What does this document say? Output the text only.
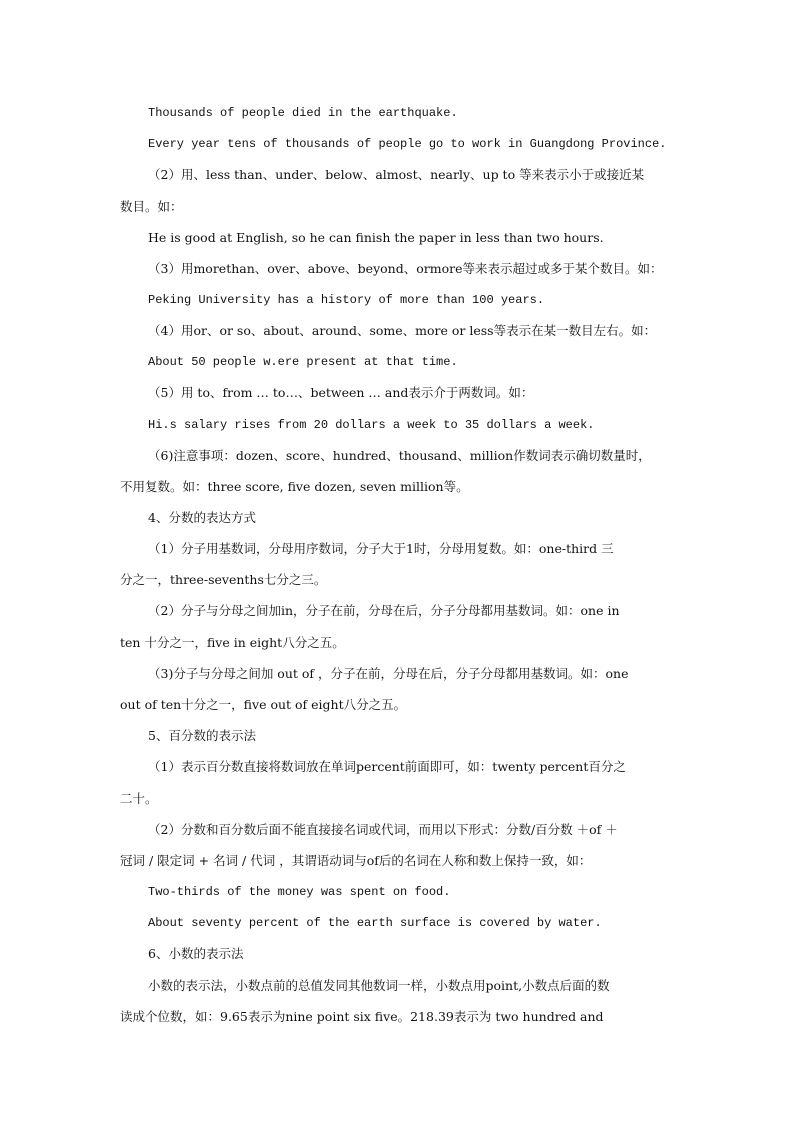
Thousands of people died in the earthquake.
Every year tens of thousands of people go to work in Guangdong Province.
（2）用、less than、under、below、almost、nearly、up to 等来表示小于或接近某
数目。如：
He is good at English, so he can finish the paper in less than two hours.
（3）用morethan、over、above、beyond、ormore等来表示超过或多于某个数目。如：
Peking University has a history of more than 100 years.
（4）用or、or so、about、around、some、more or less等表示在某一数目左右。如：
About 50 people w.ere present at that time.
（5）用 to、from … to…、between … and表示介于两数词。如：
Hi.s salary rises from 20 dollars a week to 35 dollars a week.
（6)注意事项：dozen、score、hundred、thousand、million作数词表示确切数量时，
不用复数。如：three score, five dozen, seven million等。
4、分数的表达方式
（1）分子用基数词，分母用序数词，分子大于1时，分母用复数。如：one-third 三
分之一，three-sevenths七分之三。
（2）分子与分母之间加in，分子在前，分母在后，分子分母都用基数词。如：one in
ten 十分之一，five in eight八分之五。
（3)分子与分母之间加 out of ，分子在前，分母在后，分子分母都用基数词。如：one
out of ten十分之一，five out of eight八分之五。
5、百分数的表示法
（1）表示百分数直接将数词放在单词percent前面即可，如：twenty percent百分之
二十。
（2）分数和百分数后面不能直接接名词或代词，而用以下形式：分数/百分数 ＋of ＋
冠词 / 限定词 + 名词 / 代词 ，其谓语动词与of后的名词在人称和数上保持一致，如：
Two-thirds of the money was spent on food.
About seventy percent of the earth surface is covered by water.
6、小数的表示法
小数的表示法，小数点前的总值发同其他数词一样，小数点用point,小数点后面的数
读成个位数，如：9.65表示为nine point six five。218.39表示为 two hundred and
